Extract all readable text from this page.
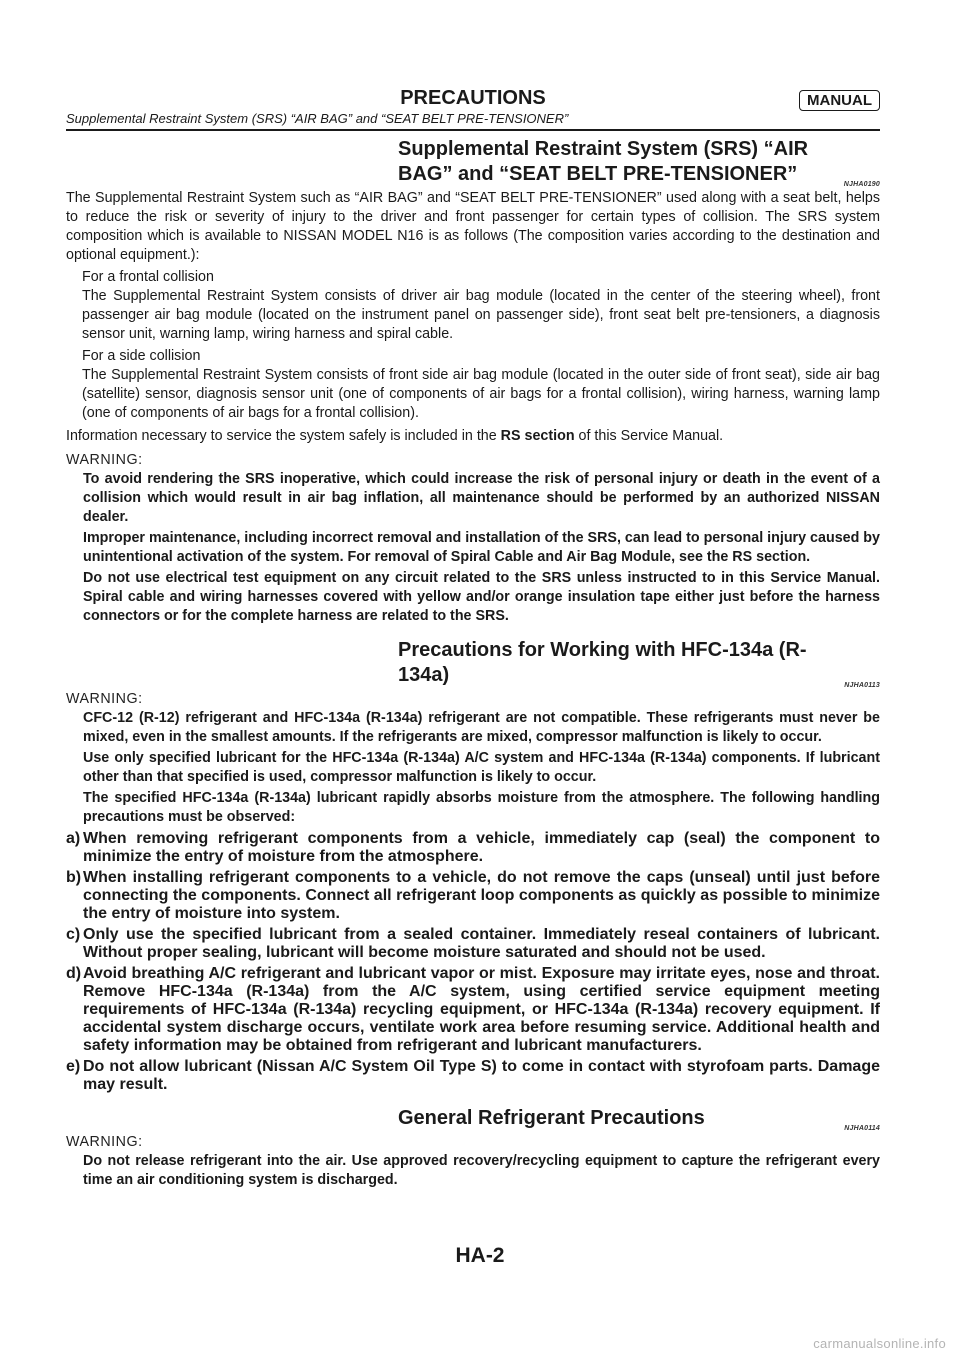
PRECAUTIONS	MANUAL
Supplemental Restraint System (SRS) “AIR BAG” and “SEAT BELT PRE-TENSIONER”
Supplemental Restraint System (SRS) “AIR BAG” and “SEAT BELT PRE-TENSIONER”	NJHA0190

The Supplemental Restraint System such as “AIR BAG” and “SEAT BELT PRE-TENSIONER” used along with a seat belt, helps to reduce the risk or severity of injury to the driver and front passenger for certain types of collision. The SRS system composition which is available to NISSAN MODEL N16 is as follows (The composition varies according to the destination and optional equipment.):

For a frontal collision

The Supplemental Restraint System consists of driver air bag module (located in the center of the steering wheel), front passenger air bag module (located on the instrument panel on passenger side), front seat belt pre-tensioners, a diagnosis sensor unit, warning lamp, wiring harness and spiral cable.

For a side collision

The Supplemental Restraint System consists of front side air bag module (located in the outer side of front seat), side air bag (satellite) sensor, diagnosis sensor unit (one of components of air bags for a frontal collision), wiring harness, warning lamp (one of components of air bags for a frontal collision).

Information necessary to service the system safely is included in the RS section of this Service Manual.

WARNING:

To avoid rendering the SRS inoperative, which could increase the risk of personal injury or death in the event of a collision which would result in air bag inflation, all maintenance should be performed by an authorized NISSAN dealer.

Improper maintenance, including incorrect removal and installation of the SRS, can lead to personal injury caused by unintentional activation of the system. For removal of Spiral Cable and Air Bag Module, see the RS section.

Do not use electrical test equipment on any circuit related to the SRS unless instructed to in this Service Manual. Spiral cable and wiring harnesses covered with yellow and/or orange insulation tape either just before the harness connectors or for the complete harness are related to the SRS.

Precautions for Working with HFC-134a (R-134a)	NJHA0113
WARNING:

CFC-12 (R-12) refrigerant and HFC-134a (R-134a) refrigerant are not compatible. These refrigerants must never be mixed, even in the smallest amounts. If the refrigerants are mixed, compressor malfunction is likely to occur.

Use only specified lubricant for the HFC-134a (R-134a) A/C system and HFC-134a (R-134a) components. If lubricant other than that specified is used, compressor malfunction is likely to occur.

The specified HFC-134a (R-134a) lubricant rapidly absorbs moisture from the atmosphere. The following handling precautions must be observed:

a) When removing refrigerant components from a vehicle, immediately cap (seal) the component to minimize the entry of moisture from the atmosphere.
b) When installing refrigerant components to a vehicle, do not remove the caps (unseal) until just before connecting the components. Connect all refrigerant loop components as quickly as possible to minimize the entry of moisture into system.
c) Only use the specified lubricant from a sealed container. Immediately reseal containers of lubricant. Without proper sealing, lubricant will become moisture saturated and should not be used.
d) Avoid breathing A/C refrigerant and lubricant vapor or mist. Exposure may irritate eyes, nose and throat. Remove HFC-134a (R-134a) from the A/C system, using certified service equipment meeting requirements of HFC-134a (R-134a) recycling equipment, or HFC-134a (R-134a) recovery equipment. If accidental system discharge occurs, ventilate work area before resuming service. Additional health and safety information may be obtained from refrigerant and lubricant manufacturers.
e) Do not allow lubricant (Nissan A/C System Oil Type S) to come in contact with styrofoam parts. Damage may result.
General Refrigerant Precautions	NJHA0114
WARNING:

Do not release refrigerant into the air. Use approved recovery/recycling equipment to capture the refrigerant every time an air conditioning system is discharged.

HA-2
carmanualsonline.info
